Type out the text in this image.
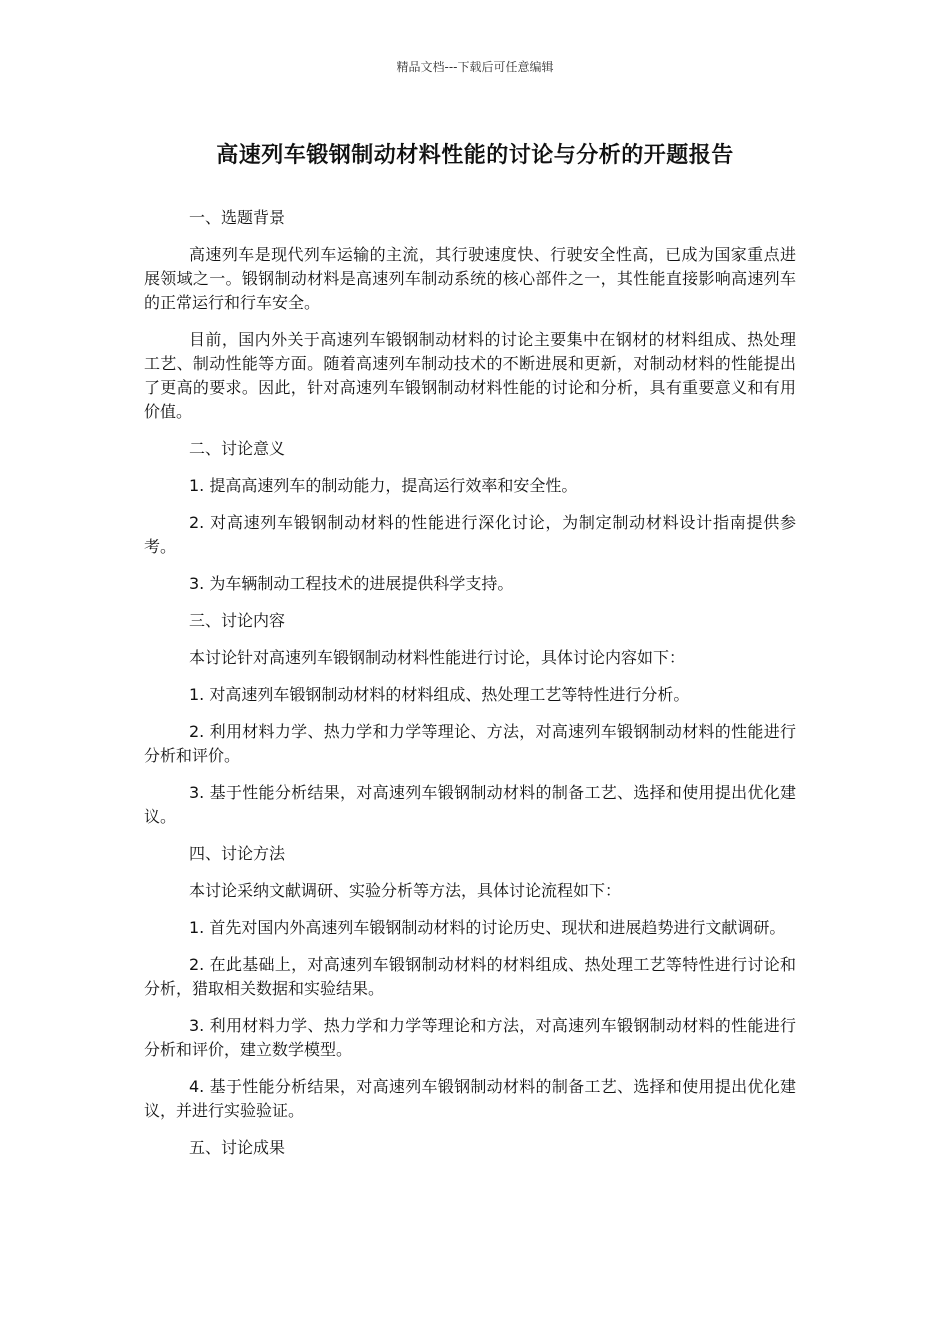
精品文档---下载后可任意编辑
高速列车锻钢制动材料性能的讨论与分析的开题报告

一、选题背景

高速列车是现代列车运输的主流，其行驶速度快、行驶安全性高，已成为国家重点进展领域之一。锻钢制动材料是高速列车制动系统的核心部件之一，其性能直接影响高速列车的正常运行和行车安全。

目前，国内外关于高速列车锻钢制动材料的讨论主要集中在钢材的材料组成、热处理工艺、制动性能等方面。随着高速列车制动技术的不断进展和更新，对制动材料的性能提出了更高的要求。因此，针对高速列车锻钢制动材料性能的讨论和分析，具有重要意义和有用价值。

二、讨论意义

1. 提高高速列车的制动能力，提高运行效率和安全性。

2. 对高速列车锻钢制动材料的性能进行深化讨论，为制定制动材料设计指南提供参考。

3. 为车辆制动工程技术的进展提供科学支持。

三、讨论内容

本讨论针对高速列车锻钢制动材料性能进行讨论，具体讨论内容如下：

1. 对高速列车锻钢制动材料的材料组成、热处理工艺等特性进行分析。

2. 利用材料力学、热力学和力学等理论、方法，对高速列车锻钢制动材料的性能进行分析和评价。

3. 基于性能分析结果，对高速列车锻钢制动材料的制备工艺、选择和使用提出优化建议。

四、讨论方法

本讨论采纳文献调研、实验分析等方法，具体讨论流程如下：

1. 首先对国内外高速列车锻钢制动材料的讨论历史、现状和进展趋势进行文献调研。

2. 在此基础上，对高速列车锻钢制动材料的材料组成、热处理工艺等特性进行讨论和分析，猎取相关数据和实验结果。

3. 利用材料力学、热力学和力学等理论和方法，对高速列车锻钢制动材料的性能进行分析和评价，建立数学模型。

4. 基于性能分析结果，对高速列车锻钢制动材料的制备工艺、选择和使用提出优化建议，并进行实验验证。

五、讨论成果
